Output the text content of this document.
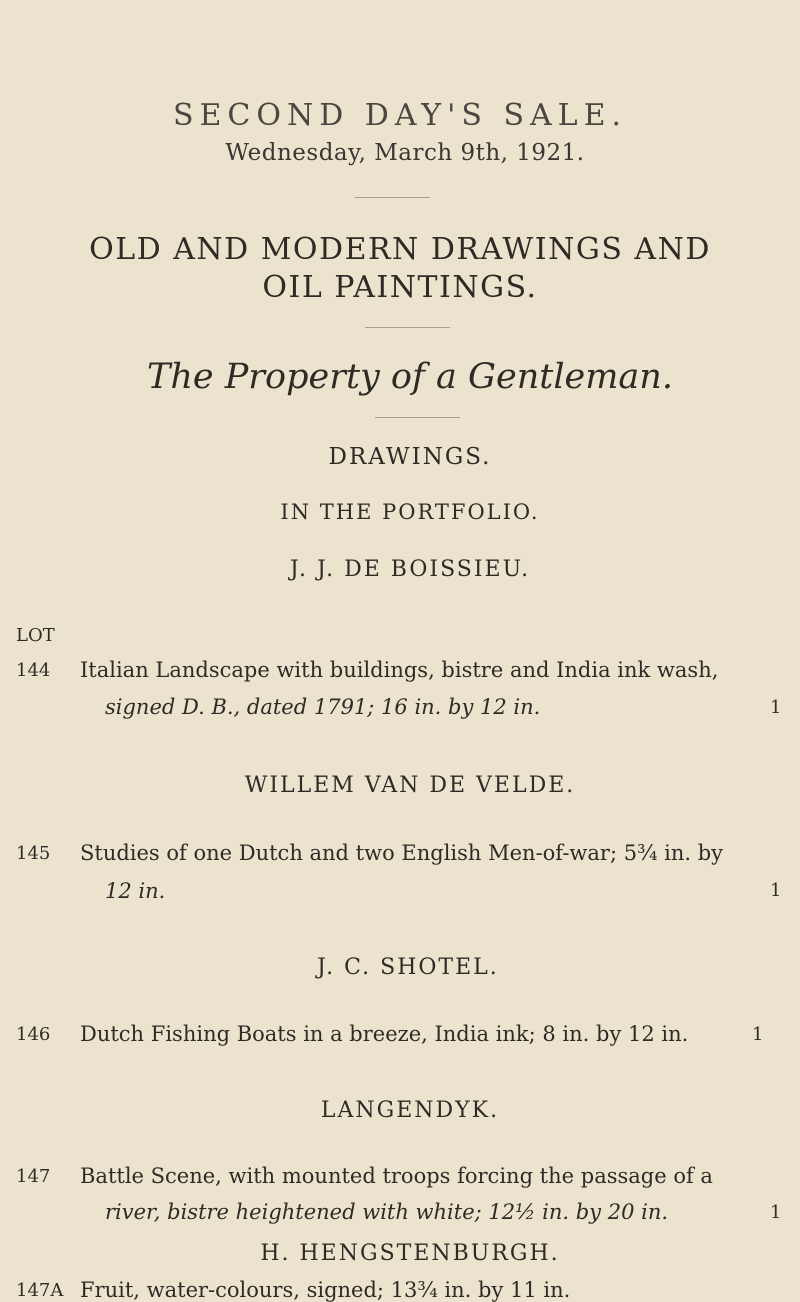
SECOND DAY'S SALE.
Wednesday, March 9th, 1921.
OLD AND MODERN DRAWINGS AND
OIL PAINTINGS.
The Property of a Gentleman.
DRAWINGS.
IN THE PORTFOLIO.
J. J. DE BOISSIEU.
LOT
144 Italian Landscape with buildings, bistre and India ink wash,
signed D. B., dated 1791; 16 in. by 12 in.	1
WILLEM VAN DE VELDE.
145 Studies of one Dutch and two English Men-of-war; 5¾ in. by
12 in.	1
J. C. SHOTEL.
146 Dutch Fishing Boats in a breeze, India ink; 8 in. by 12 in.	1
LANGENDYK.
147 Battle Scene, with mounted troops forcing the passage of a
river, bistre heightened with white; 12½ in. by 20 in.	1
H. HENGSTENBURGH.
147A Fruit, water-colours, signed; 13¾ in. by 11 in.
